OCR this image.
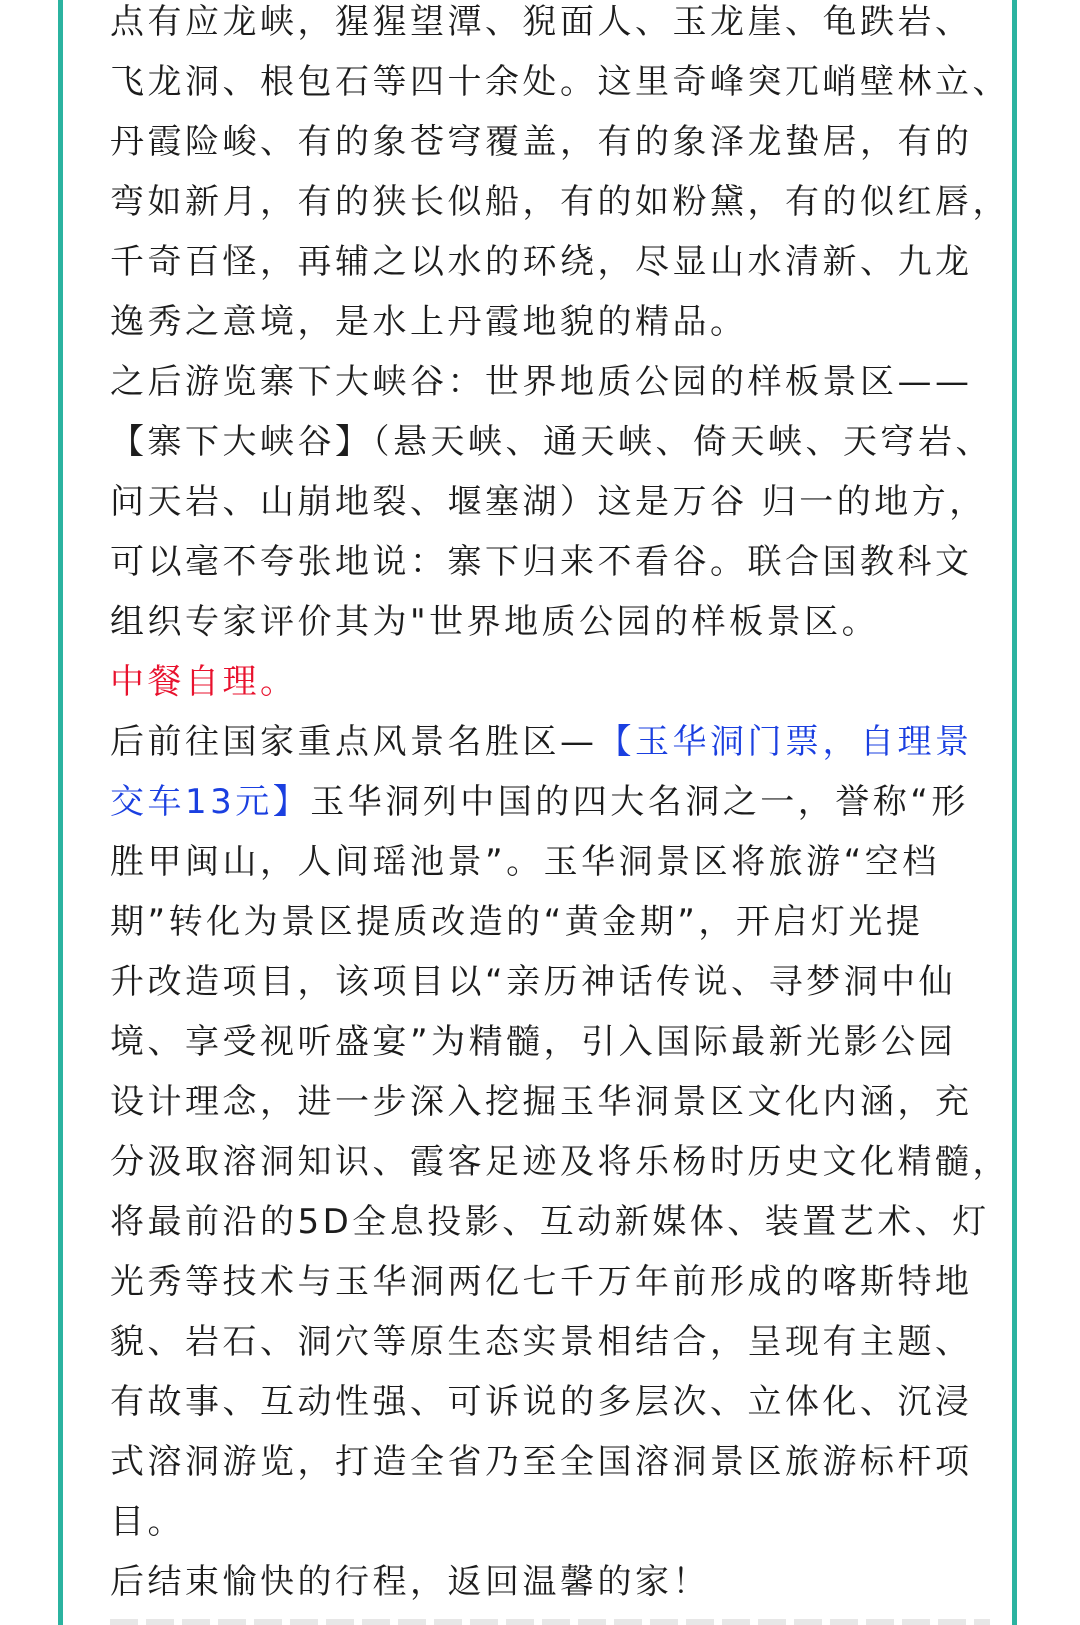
点有应龙峡，猩猩望潭、猊面人、玉龙崖、龟跌岩、
飞龙洞、根包石等四十余处。这里奇峰突兀峭壁林立、
丹霞险峻、有的象苍穹覆盖，有的象泽龙蛰居，有的
弯如新月，有的狭长似船，有的如粉黛，有的似红唇，
千奇百怪，再辅之以水的环绕，尽显山水清新、九龙
逸秀之意境，是水上丹霞地貌的精品。
之后游览寨下大峡谷：世界地质公园的样板景区——
【寨下大峡谷】（悬天峡、通天峡、倚天峡、天穹岩、
问天岩、山崩地裂、堰塞湖）这是万谷 归一的地方，
可以毫不夸张地说：寨下归来不看谷。联合国教科文
组织专家评价其为"世界地质公园的样板景区。
中餐自理。
后前往国家重点风景名胜区—【玉华洞门票，自理景
交车13元】玉华洞列中国的四大名洞之一，誉称“形
胜甲闽山，人间瑶池景”。玉华洞景区将旅游“空档
期”转化为景区提质改造的“黄金期”，开启灯光提
升改造项目，该项目以“亲历神话传说、寻梦洞中仙
境、享受视听盛宴”为精髓，引入国际最新光影公园
设计理念，进一步深入挖掘玉华洞景区文化内涵，充
分汲取溶洞知识、霞客足迹及将乐杨时历史文化精髓，
将最前沿的5D全息投影、互动新媒体、装置艺术、灯
光秀等技术与玉华洞两亿七千万年前形成的喀斯特地
貌、岩石、洞穴等原生态实景相结合，呈现有主题、
有故事、互动性强、可诉说的多层次、立体化、沉浸
式溶洞游览，打造全省乃至全国溶洞景区旅游标杆项
目。
后结束愉快的行程，返回温馨的家！
